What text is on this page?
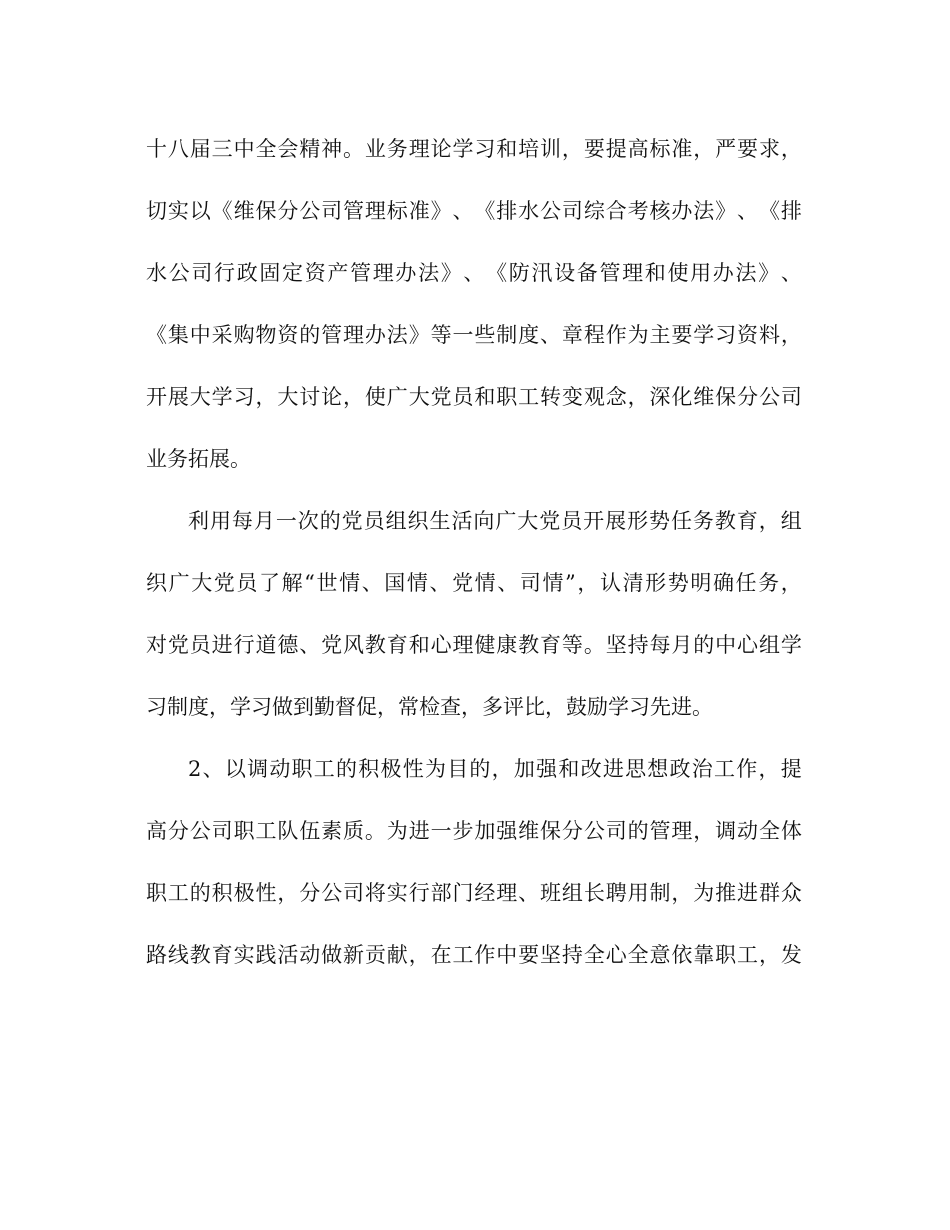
十 八 届 三 中 全 会 精 神 。 业 务 理 论 学 习 和 培 训 ， 要 提 高 标 准 ， 严 要 求 ，
切 实 以 《 维 保 分 公 司 管 理 标 准 》 、 《 排 水 公 司 综 合 考 核 办 法 》 、 《 排
水 公 司 行 政 固 定 资 产 管 理 办 法 》 、 《 防 汛 设 备 管 理 和 使 用 办 法 》 、
《 集 中 采 购 物 资 的 管 理 办 法 》 等 一 些 制 度 、 章 程 作 为 主 要 学 习 资 料 ，
开 展 大 学 习 ， 大 讨 论 ， 使 广 大 党 员 和 职 工 转 变 观 念 ， 深 化 维 保 分 公 司
业务拓展。
利 用 每 月 一 次 的 党 员 组 织 生 活 向 广 大 党 员 开 展 形 势 任 务 教 育 ， 组
织 广 大 党 员 了 解 “ 世 情 、 国 情 、 党 情 、 司 情 ” ， 认 清 形 势 明 确 任 务 ，
对 党 员 进 行 道 德 、 党 风 教 育 和 心 理 健 康 教 育 等 。 坚 持 每 月 的 中 心 组 学
习制度，学习做到勤督促，常检查，多评比，鼓励学习先进。
2 、 以 调 动 职 工 的 积 极 性 为 目 的 ， 加 强 和 改 进 思 想 政 治 工 作 ， 提
高 分 公 司 职 工 队 伍 素 质 。 为 进 一 步 加 强 维 保 分 公 司 的 管 理 ， 调 动 全 体
职 工 的 积 极 性 ， 分 公 司 将 实 行 部 门 经 理 、 班 组 长 聘 用 制 ， 为 推 进 群 众
路 线 教 育 实 践 活 动 做 新 贡 献 ， 在 工 作 中 要 坚 持 全 心 全 意 依 靠 职 工 ， 发
